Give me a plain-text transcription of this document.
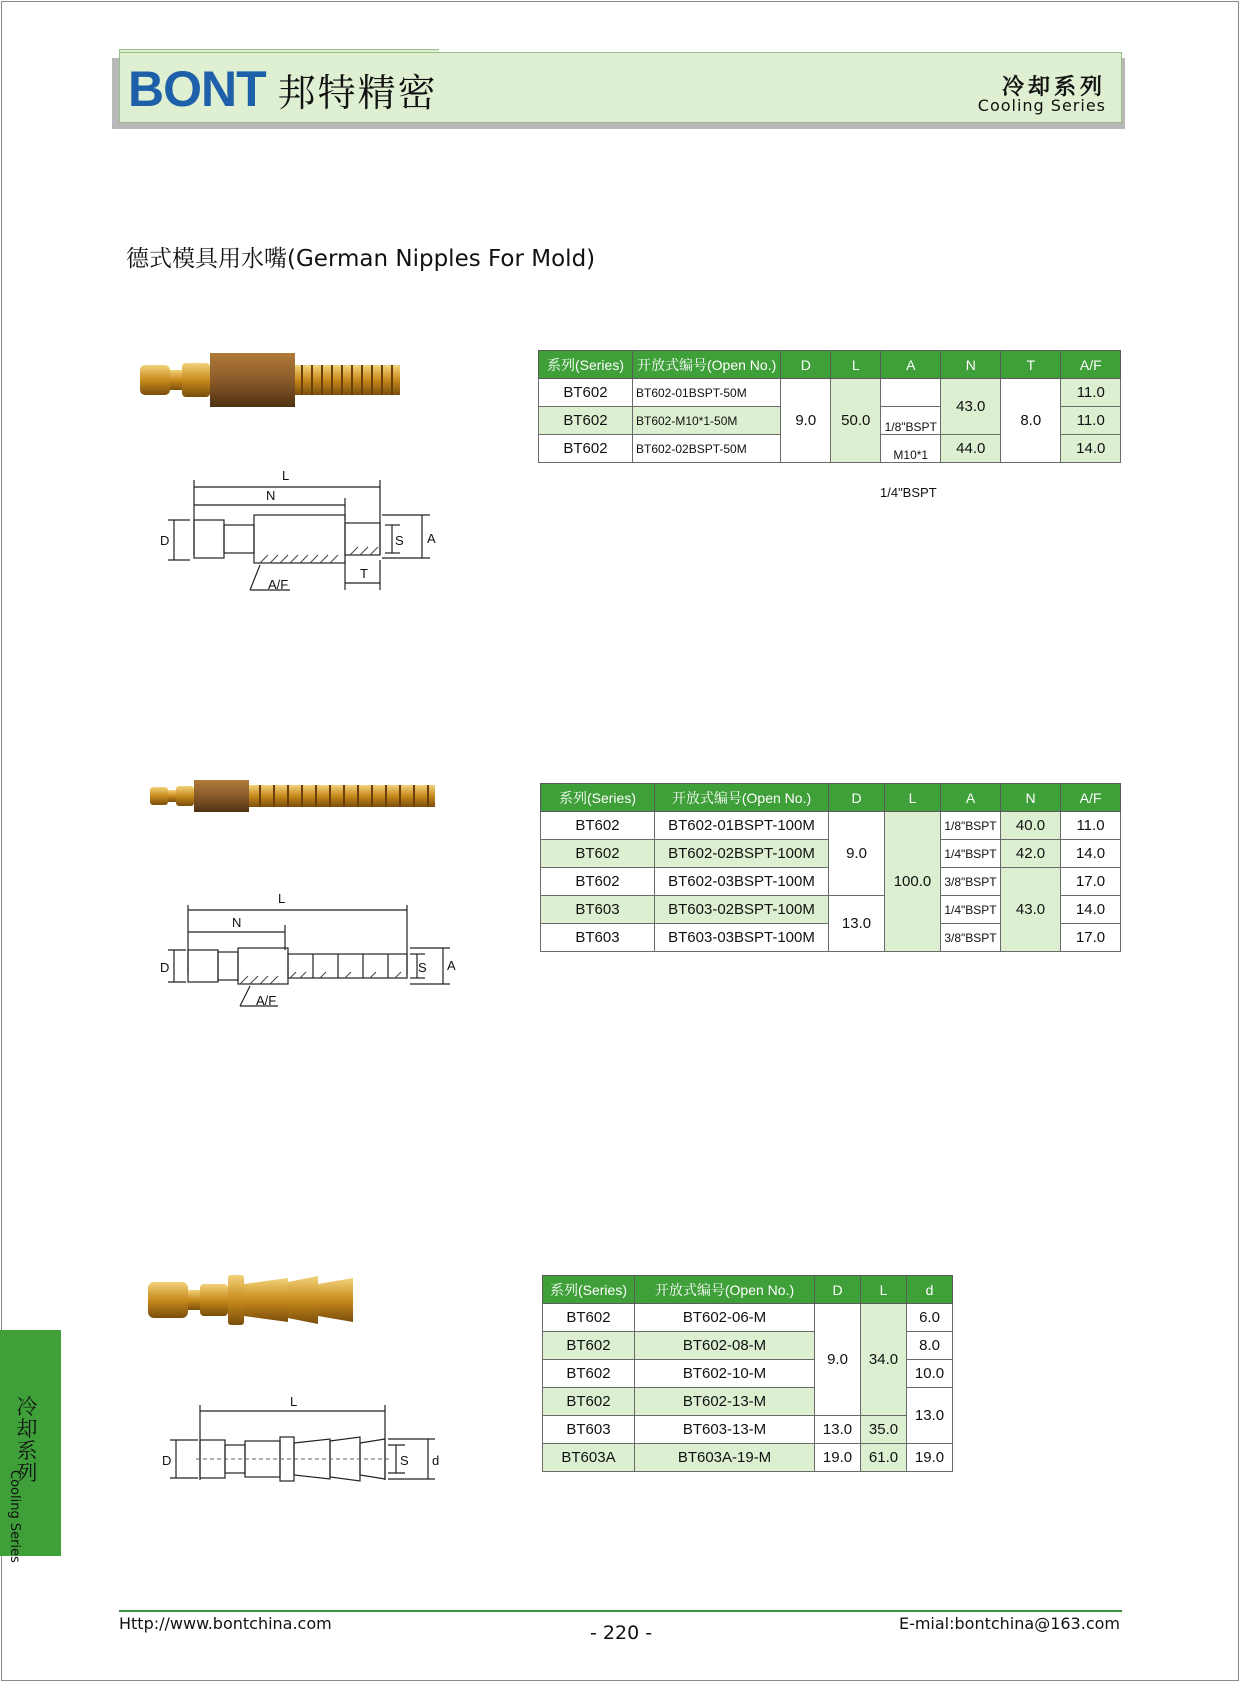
BONT 邦特精密	冷却系列
Cooling Series
德式模具用水嘴(German Nipples For Mold)
L
N
D	S A
T
A/F
系列(Series)	开放式编号(Open No.)	D	L	A	N	T	A/F
BT602	BT602-01BSPT-50M	9.0	50.0		43.0	8.0	11.0
BT602	BT602-M10*1-50M			1/8"BSPT			11.0
BT602	BT602-02BSPT-50M			M10*1	44.0		14.0
1/4"BSPT
L
N
D	S A
A/F
系列(Series)	开放式编号(Open No.)	D	L	A	N	A/F
BT602	BT602-01BSPT-100M	9.0	100.0	1/8"BSPT	40.0	11.0
BT602	BT602-02BSPT-100M			1/4"BSPT	42.0	14.0
BT602	BT602-03BSPT-100M			3/8"BSPT	43.0	17.0
BT603	BT603-02BSPT-100M	13.0		1/4"BSPT		14.0
BT603	BT603-03BSPT-100M			3/8"BSPT		17.0
L
D	S d
系列(Series)	开放式编号(Open No.)	D	L	d
BT602	BT602-06-M	9.0	34.0	6.0
BT602	BT602-08-M			8.0
BT602	BT602-10-M			10.0
BT602	BT602-13-M			13.0
BT603	BT603-13-M	13.0	35.0	
BT603A	BT603A-19-M	19.0	61.0	19.0
冷却系列
Cooling Series
Http://www.bontchina.com	- 220 -	E-mial:bontchina@163.com
